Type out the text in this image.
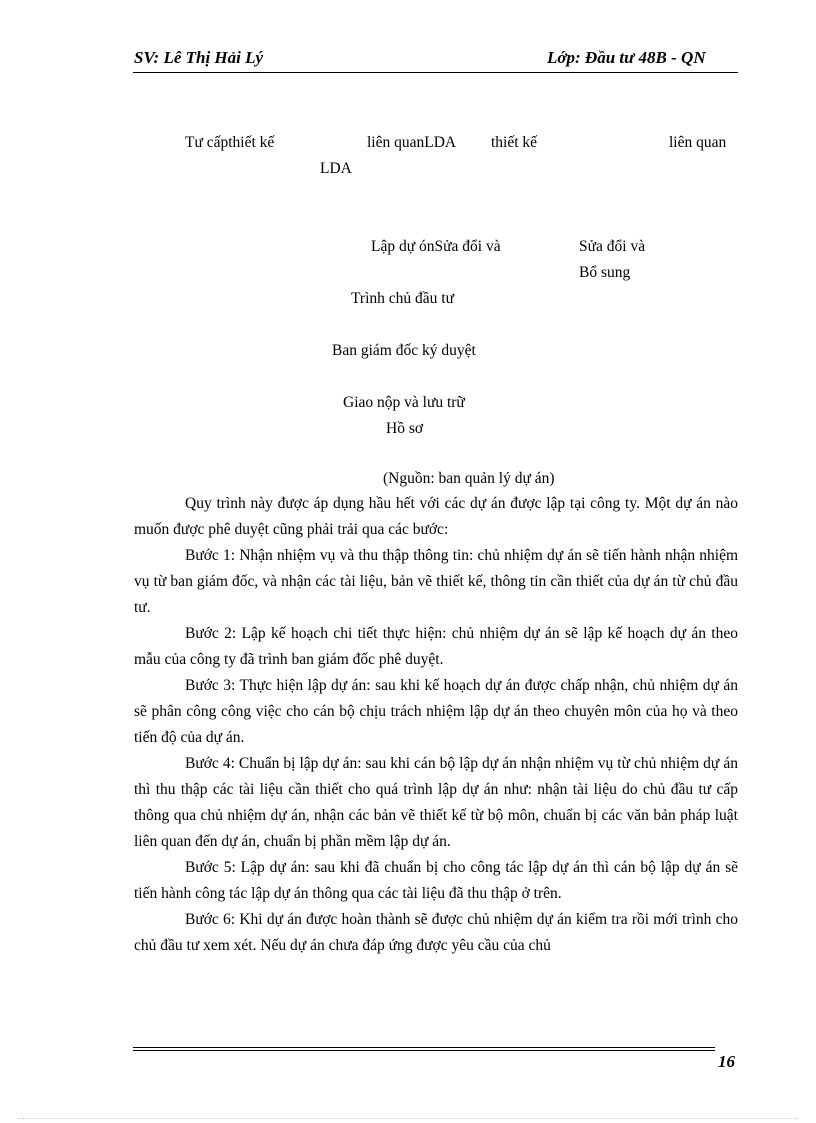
SV: Lê Thị Hải Lý	Lớp: Đầu tư 48B - QN
Tư cấpthiết kế	liên quanLDA thiết kế	liên quan
LDA
Lập dự ónSửa đổi và	Sửa đổi và
Bổ sung
Trình chủ đầu tư
Ban giám đốc ký duyệt
Giao nộp và lưu trữ
Hồ sơ
(Nguồn: ban quản lý dự án)

Quy trình này được áp dụng hầu hết với các dự án được lập tại công ty. Một dự án nào muốn được phê duyệt cũng phải trải qua các bước:

Bước 1: Nhận nhiệm vụ và thu thập thông tin: chủ nhiệm dự án sẽ tiến hành nhận nhiệm vụ từ ban giám đốc, và nhận các tài liệu, bản vẽ thiết kế, thông tin cần thiết của dự án từ chủ đầu tư.

Bước 2: Lập kế hoạch chi tiết thực hiện: chủ nhiệm dự án sẽ lập kế hoạch dự án theo mẫu của công ty đã trình ban giám đốc phê duyệt.

Bước 3: Thực hiện lập dự án: sau khi kế hoạch dự án được chấp nhận, chủ nhiệm dự án sẽ phân công công việc cho cán bộ chịu trách nhiệm lập dự án theo chuyên môn của họ và theo tiến độ của dự án.

Bước 4: Chuẩn bị lập dự án: sau khi cán bộ lập dự án nhận nhiệm vụ từ chủ nhiệm dự án thì thu thập các tài liệu cần thiết cho quá trình lập dự án như: nhận tài liệu do chủ đầu tư cấp thông qua chủ nhiệm dự án, nhận các bản vẽ thiết kế từ bộ môn, chuẩn bị các văn bản pháp luật liên quan đến dự án, chuẩn bị phần mềm lập dự án.

Bước 5: Lập dự án: sau khi đã chuẩn bị cho công tác lập dự án thì cán bộ lập dự án sẽ tiến hành công tác lập dự án thông qua các tài liệu đã thu thập ở trên.

Bước 6: Khi dự án được hoàn thành sẽ được chủ nhiệm dự án kiểm tra rồi mới trình cho chủ đầu tư xem xét. Nếu dự án chưa đáp ứng được yêu cầu của chủ

16
